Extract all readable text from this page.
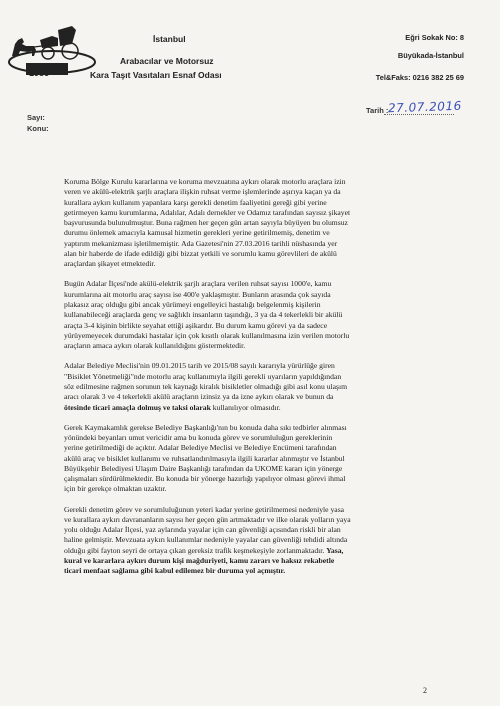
1986
İstanbul
Arabacılar ve Motorsuz
Kara Taşıt Vasıtaları Esnaf Odası
Eğri Sokak No: 8
Büyükada-İstanbul
Tel&Faks: 0216 382 25 69
Sayı:
Konu:
Tarih : 27.07.2016
Koruma Bölge Kurulu kararlarına ve koruma mevzuatına aykırı olarak motorlu araçlara izin
veren ve akülü-elektrik şarjlı araçlara ilişkin ruhsat verme işlemlerinde aşırıya kaçan ya da
kurallara aykırı kullanım yapanlara karşı gerekli denetim faaliyetini gereği gibi yerine
getirmeyen kamu kurumlarına, Adalılar, Adalı dernekler ve Odamız tarafından sayısız şikayet
başvurusunda bulunulmuştur. Buna rağmen her geçen gün artan sayıyla büyüyen bu olumsuz
durumu önlemek amacıyla kamusal hizmetin gerekleri yerine getirilmemiş, denetim ve
yaptırım mekanizması işletilmemiştir. Ada Gazetesi'nin 27.03.2016 tarihli nüshasında yer
alan bir haberde de ifade edildiği gibi bizzat yetkili ve sorumlu kamu görevlileri de akülü
araçlardan şikayet etmektedir.
Bugün Adalar İlçesi'nde akülü-elektrik şarjlı araçlara verilen ruhsat sayısı 1000'e, kamu
kurumlarına ait motorlu araç sayısı ise 400'e yaklaşmıştır. Bunların arasında çok sayıda
plakasız araç olduğu gibi ancak yürümeyi engelleyici hastalığı belgelenmiş kişilerin
kullanabileceği araçlarda genç ve sağlıklı insanların taşındığı, 3 ya da 4 tekerlekli bir akülü
araçta 3-4 kişinin birlikte seyahat ettiği aşikardır. Bu durum kamu görevi ya da sadece
yürüyemeyecek durumdaki hastalar için çok kısıtlı olarak kullanılmasına izin verilen motorlu
araçların amaca aykırı olarak kullanıldığını göstermektedir.
Adalar Belediye Meclisi'nin 09.01.2015 tarih ve 2015/08 sayılı kararıyla yürürlüğe giren
"Bisiklet Yönetmeliği"nde motorlu araç kullanımıyla ilgili gerekli uyarıların yapıldığından
söz edilmesine rağmen sorunun tek kaynağı kiralık bisikletler olmadığı gibi asıl konu ulaşım
aracı olarak 3 ve 4 tekerlekli akülü araçların izinsiz ya da izne aykırı olarak ve bunun da
ötesinde ticari amaçla dolmuş ve taksi olarak kullanılıyor olmasıdır.
Gerek Kaymakamlık gerekse Belediye Başkanlığı'nın bu konuda daha sıkı tedbirler alınması
yönündeki beyanları umut vericidir ama bu konuda görev ve sorumluluğun gereklerinin
yerine getirilmediği de açıktır. Adalar Belediye Meclisi ve Belediye Encümeni tarafından
akülü araç ve bisiklet kullanımı ve ruhsatlandırılmasıyla ilgili kararlar alınmıştır ve İstanbul
Büyükşehir Belediyesi Ulaşım Daire Başkanlığı tarafından da UKOME kararı için yönerge
çalışmaları sürdürülmektedir. Bu konuda bir yönerge hazırlığı yapılıyor olması görevi ihmal
için bir gerekçe olmaktan uzaktır.
Gerekli denetim görev ve sorumluluğunun yeteri kadar yerine getirilmemesi nedeniyle yasa
ve kurallara aykırı davrananların sayısı her geçen gün artmaktadır ve ilke olarak yolların yaya
yolu olduğu Adalar İlçesi, yaz aylarında yayalar için can güvenliği açısından riskli bir alan
haline gelmiştir. Mevzuata aykırı kullanımlar nedeniyle yayalar can güvenliği tehdidi altında
olduğu gibi fayton seyri de ortaya çıkan gereksiz trafik keşmekeşiyle zorlanmaktadır. Yasa,
kural ve kararlara aykırı durum kişi mağduriyeti, kamu zararı ve haksız rekabetle
ticari menfaat sağlama gibi kabul edilemez bir duruma yol açmıştır.
2
